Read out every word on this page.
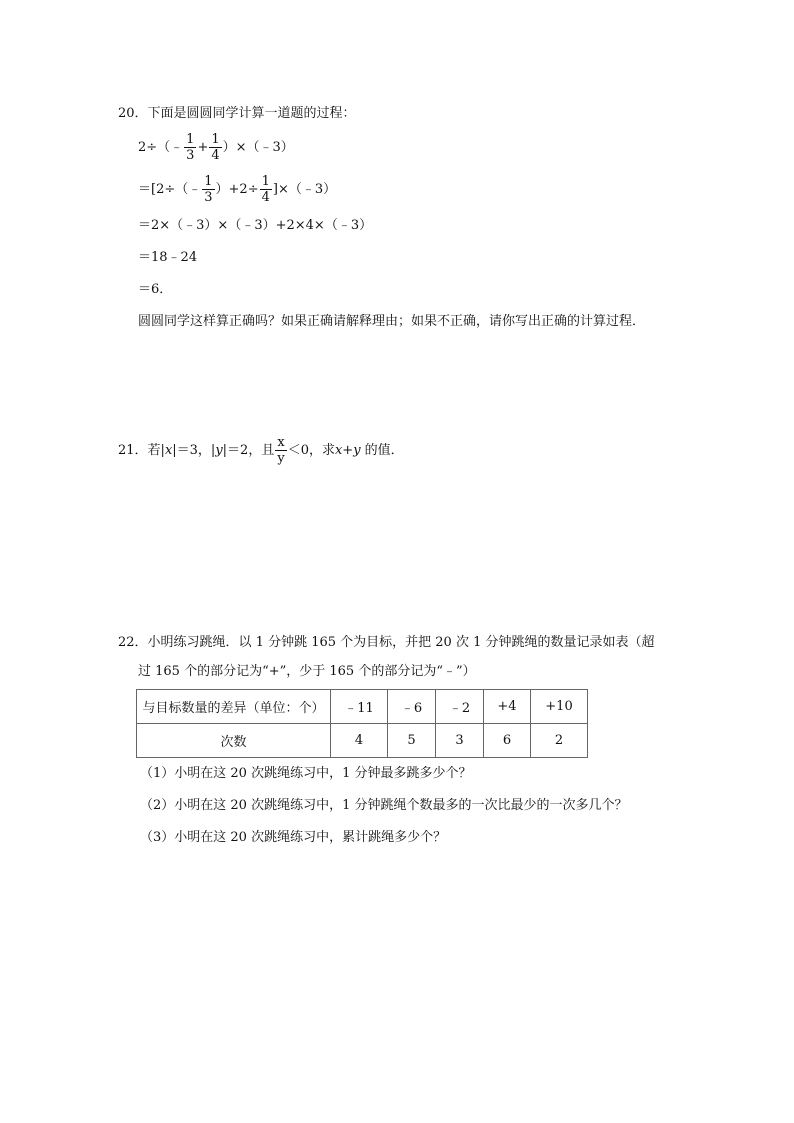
20．下面是圆圆同学计算一道题的过程：
2÷（﹣ $\frac{1}{3} + \frac{1}{4}$ ）×（﹣3）
＝[2÷（﹣ $\frac{1}{3} )+2\div \frac{1}{4}$ ]×（﹣3）
＝2×（﹣3）×（﹣3）+2×4×（﹣3）
＝18﹣24
＝6．
圆圆同学这样算正确吗？如果正确请解释理由；如果不正确，请你写出正确的计算过程．
21．若|x|＝3，|y|＝2，且 $\frac{x}{y} <0$，求x+y 的值．
22．小明练习跳绳．以 1 分钟跳 165 个为目标，并把 20 次 1 分钟跳绳的数量记录如表（超
过 165 个的部分记为“+”，少于 165 个的部分记为“﹣”）
与目标数量的差异（单位：个）	﹣11	﹣6	﹣2	+4	+10
次数	4	5	3	6	2
（1）小明在这 20 次跳绳练习中，1 分钟最多跳多少个？
（2）小明在这 20 次跳绳练习中，1 分钟跳绳个数最多的一次比最少的一次多几个？
（3）小明在这 20 次跳绳练习中，累计跳绳多少个？
